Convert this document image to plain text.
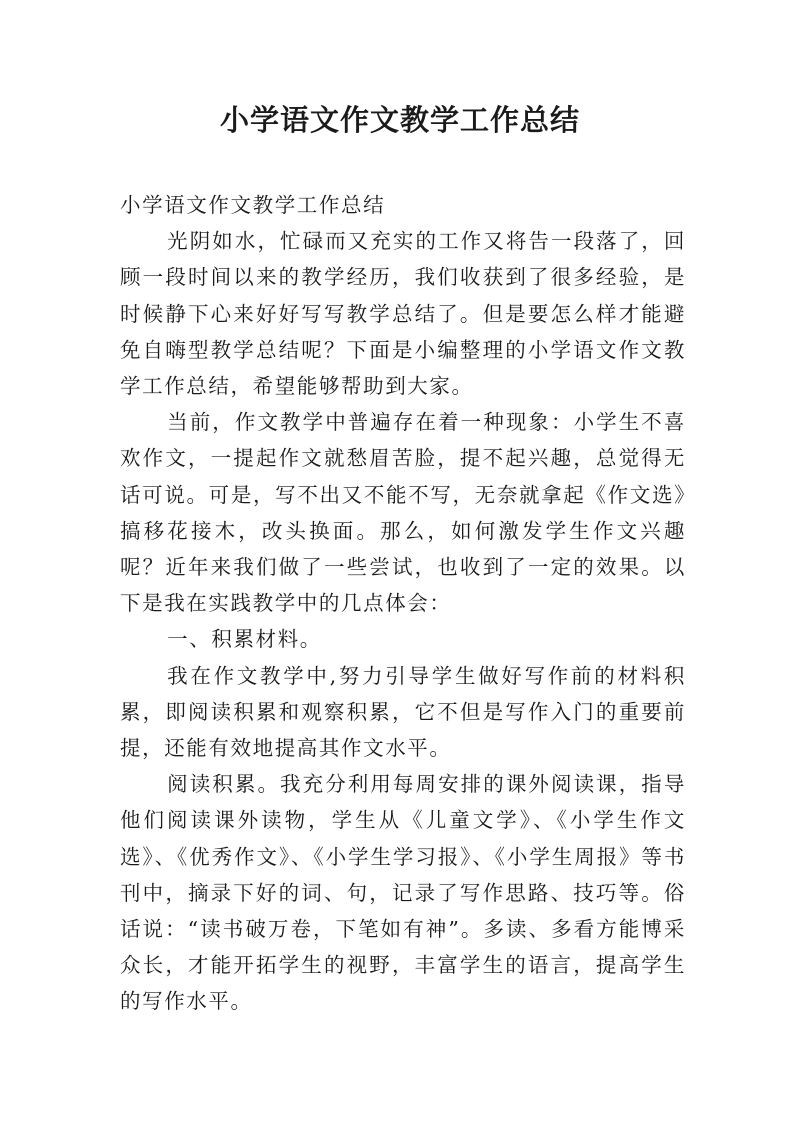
小学语文作文教学工作总结

小学语文作文教学工作总结

光阴如水，忙碌而又充实的工作又将告一段落了，回顾一段时间以来的教学经历，我们收获到了很多经验，是时候静下心来好好写写教学总结了。但是要怎么样才能避免自嗨型教学总结呢？下面是小编整理的小学语文作文教学工作总结，希望能够帮助到大家。

当前，作文教学中普遍存在着一种现象：小学生不喜欢作文，一提起作文就愁眉苦脸，提不起兴趣，总觉得无话可说。可是，写不出又不能不写，无奈就拿起《作文选》搞移花接木，改头换面。那么，如何激发学生作文兴趣呢？近年来我们做了一些尝试，也收到了一定的效果。以下是我在实践教学中的几点体会：

一、积累材料。

我在作文教学中,努力引导学生做好写作前的材料积累，即阅读积累和观察积累，它不但是写作入门的重要前提，还能有效地提高其作文水平。

阅读积累。我充分利用每周安排的课外阅读课，指导他们阅读课外读物，学生从《儿童文学》、《小学生作文选》、《优秀作文》、《小学生学习报》、《小学生周报》等书刊中，摘录下好的词、句，记录了写作思路、技巧等。俗话说：“读书破万卷，下笔如有神”。多读、多看方能博采众长，才能开拓学生的视野，丰富学生的语言，提高学生的写作水平。
